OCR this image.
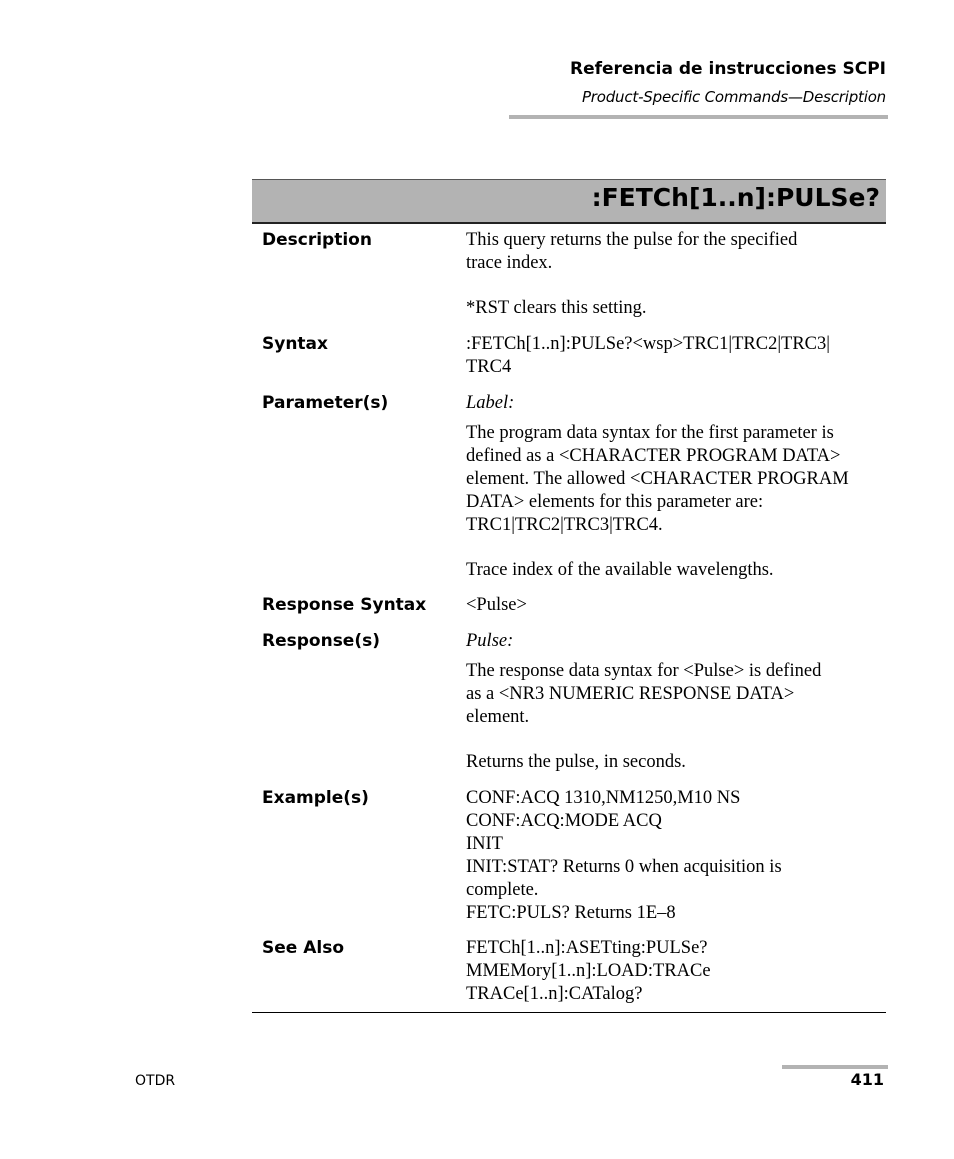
Referencia de instrucciones SCPI
Product-Specific Commands—Description
:FETCh[1..n]:PULSe?
Description	This query returns the pulse for the specified
trace index.
*RST clears this setting.
Syntax	:FETCh[1..n]:PULSe?<wsp>TRC1|TRC2|TRC3|
TRC4
Parameter(s)	Label:
The program data syntax for the first parameter is
defined as a <CHARACTER PROGRAM DATA>
element. The allowed <CHARACTER PROGRAM
DATA> elements for this parameter are:
TRC1|TRC2|TRC3|TRC4.
Trace index of the available wavelengths.
Response Syntax <Pulse>
Response(s)	Pulse:
The response data syntax for <Pulse> is defined
as a <NR3 NUMERIC RESPONSE DATA>
element.
Returns the pulse, in seconds.
Example(s)	CONF:ACQ 1310,NM1250,M10 NS
CONF:ACQ:MODE ACQ
INIT
INIT:STAT? Returns 0 when acquisition is
complete.
FETC:PULS? Returns 1E–8
See Also	FETCh[1..n]:ASETting:PULSe?
MMEMory[1..n]:LOAD:TRACe
TRACe[1..n]:CATalog?
OTDR	411
